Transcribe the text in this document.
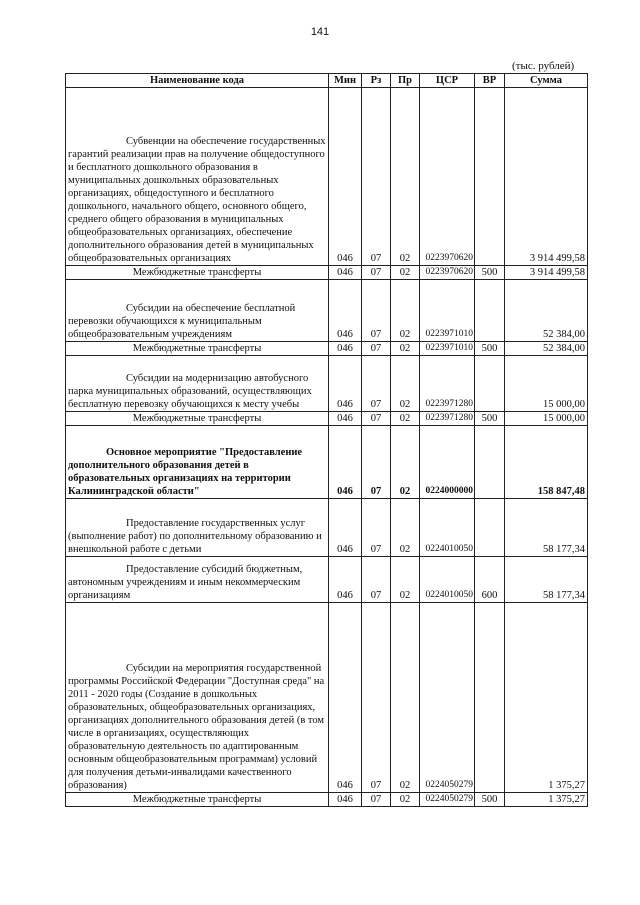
141
(тыс. рублей)
Наименование кода	Мин	Рз	Пр	ЦСР	ВР	Сумма
Субвенции на обеспечение государственных гарантий реализации прав на получение общедоступного и бесплатного дошкольного образования в муниципальных дошкольных образовательных организациях, общедоступного и бесплатного дошкольного, начального общего, основного общего, среднего общего образования в муниципальных общеобразовательных организациях, обеспечение дополнительного образования детей в муниципальных общеобразовательных организациях	046	07	02	0223970620		3 914 499,58
Межбюджетные трансферты	046	07	02	0223970620	500	3 914 499,58
Субсидии на обеспечение бесплатной перевозки обучающихся к муниципальным общеобразовательным учреждениям	046	07	02	0223971010		52 384,00
Межбюджетные трансферты	046	07	02	0223971010	500	52 384,00
Субсидии на модернизацию автобусного парка муниципальных образований, осуществляющих бесплатную перевозку обучающихся к месту учебы	046	07	02	0223971280		15 000,00
Межбюджетные трансферты	046	07	02	0223971280	500	15 000,00
Основное мероприятие "Предоставление дополнительного образования детей в образовательных организациях на территории Калининградской области"	046	07	02	0224000000		158 847,48
Предоставление государственных услуг (выполнение работ) по дополнительному образованию и внешкольной работе с детьми	046	07	02	0224010050		58 177,34
Предоставление субсидий бюджетным, автономным учреждениям и иным некоммерческим организациям	046	07	02	0224010050	600	58 177,34
Субсидии на мероприятия государственной программы Российской Федерации "Доступная среда" на 2011 - 2020 годы (Создание в дошкольных образовательных, общеобразовательных организациях, организациях дополнительного образования детей (в том числе в организациях, осуществляющих образовательную деятельность по адаптированным основным общеобразовательным программам) условий для получения детьми-инвалидами качественного образования)	046	07	02	0224050279		1 375,27
Межбюджетные трансферты	046	07	02	0224050279	500	1 375,27
